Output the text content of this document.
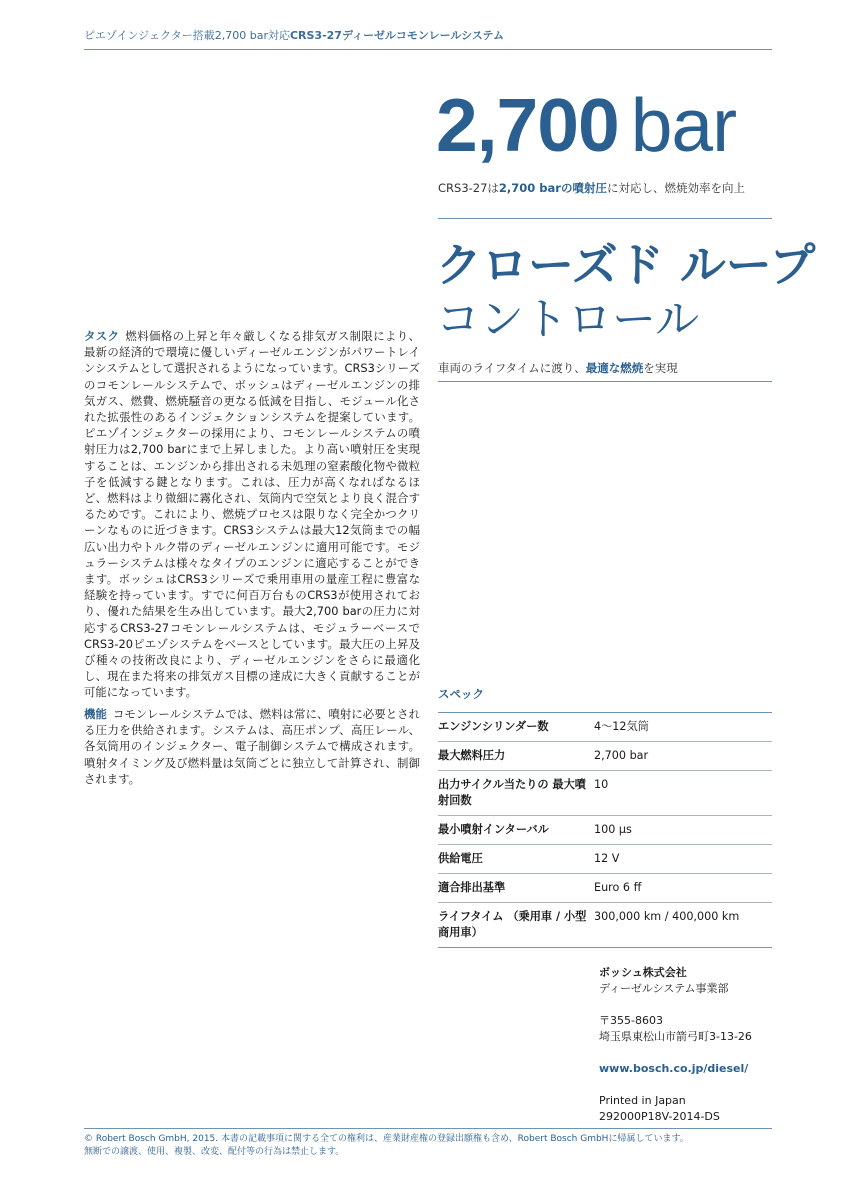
ピエゾインジェクター搭載2,700 bar対応CRS3-27ディーゼルコモンレールシステム
2,700 bar
CRS3-27は2,700 barの噴射圧に対応し、燃焼効率を向上
クローズド ループ
コントロール
車両のライフタイムに渡り、最適な燃焼を実現
タスク 燃料価格の上昇と年々厳しくなる排気ガス制限により、最新の経済的で環境に優しいディーゼルエンジンがパワートレインシステムとして選択されるようになっています。CRS3シリーズのコモンレールシステムで、ボッシュはディーゼルエンジンの排気ガス、燃費、燃焼騒音の更なる低減を目指し、モジュール化された拡張性のあるインジェクションシステムを提案しています。ピエゾインジェクターの採用により、コモンレールシステムの噴射圧力は2,700 barにまで上昇しました。より高い噴射圧を実現することは、エンジンから排出される未処理の窒素酸化物や微粒子を低減する鍵となります。これは、圧力が高くなればなるほど、燃料はより微細に霧化され、気筒内で空気とより良く混合するためです。これにより、燃焼プロセスは限りなく完全かつクリーンなものに近づきます。CRS3システムは最大12気筒までの幅広い出力やトルク帯のディーゼルエンジンに適用可能です。モジュラーシステムは様々なタイプのエンジンに適応することができます。ボッシュはCRS3シリーズで乗用車用の量産工程に豊富な経験を持っています。すでに何百万台ものCRS3が使用されており、優れた結果を生み出しています。最大2,700 barの圧力に対応するCRS3-27コモンレールシステムは、モジュラーベースでCRS3-20ピエゾシステムをベースとしています。最大圧の上昇及び種々の技術改良により、ディーゼルエンジンをさらに最適化し、現在また将来の排気ガス目標の達成に大きく貢献することが可能になっています。
機能 コモンレールシステムでは、燃料は常に、噴射に必要とされる圧力を供給されます。システムは、高圧ポンプ、高圧レール、各気筒用のインジェクター、電子制御システムで構成されます。噴射タイミング及び燃料量は気筒ごとに独立して計算され、制御されます。
スペック
エンジンシリンダー数	4～12気筒
最大燃料圧力	2,700 bar
出力サイクル当たりの 最大噴射回数	10
最小噴射インターバル	100 µs
供給電圧	12 V
適合排出基準	Euro 6 ff
ライフタイム （乗用車 / 小型商用車）	300,000 km / 400,000 km
ボッシュ株式会社
ディーゼルシステム事業部
〒355-8603
埼玉県東松山市箭弓町3-13-26
www.bosch.co.jp/diesel/
Printed in Japan
292000P18V-2014-DS
© Robert Bosch GmbH, 2015. 本書の記載事項に関する全ての権利は、産業財産権の登録出願権も含め、Robert Bosch GmbHに帰属しています。
無断での譲渡、使用、複製、改変、配付等の行為は禁止します。
